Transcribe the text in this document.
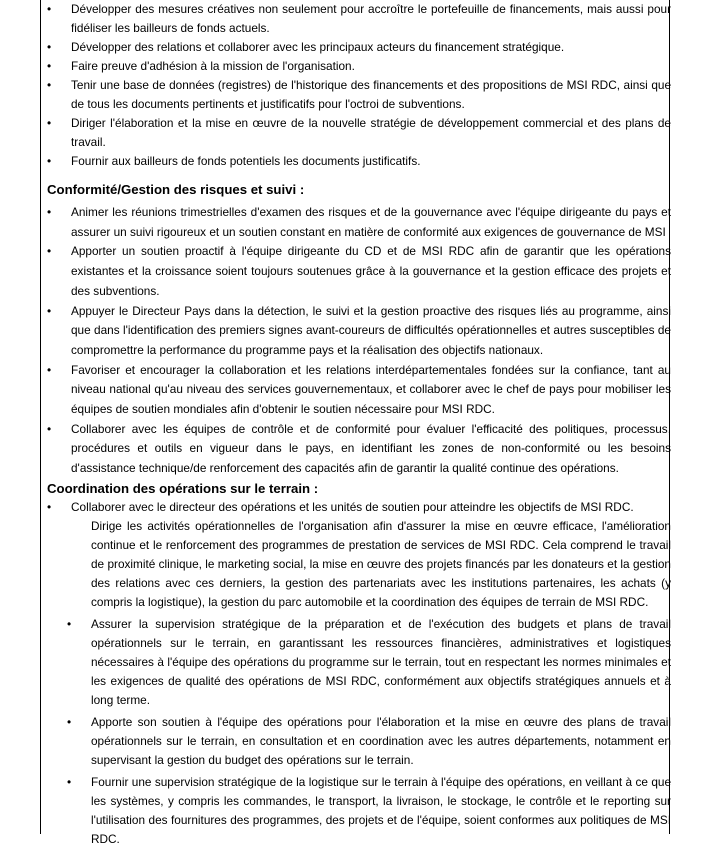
• Développer des mesures créatives non seulement pour accroître le portefeuille de financements, mais aussi pour fidéliser les bailleurs de fonds actuels.
• Développer des relations et collaborer avec les principaux acteurs du financement stratégique.
• Faire preuve d'adhésion à la mission de l'organisation.
• Tenir une base de données (registres) de l'historique des financements et des propositions de MSI RDC, ainsi que de tous les documents pertinents et justificatifs pour l'octroi de subventions.
• Diriger l'élaboration et la mise en œuvre de la nouvelle stratégie de développement commercial et des plans de travail.
• Fournir aux bailleurs de fonds potentiels les documents justificatifs.
Conformité/Gestion des risques et suivi :
• Animer les réunions trimestrielles d'examen des risques et de la gouvernance avec l'équipe dirigeante du pays et assurer un suivi rigoureux et un soutien constant en matière de conformité aux exigences de gouvernance de MSI
• Apporter un soutien proactif à l'équipe dirigeante du CD et de MSI RDC afin de garantir que les opérations existantes et la croissance soient toujours soutenues grâce à la gouvernance et la gestion efficace des projets et des subventions.
• Appuyer le Directeur Pays dans la détection, le suivi et la gestion proactive des risques liés au programme, ainsi que dans l'identification des premiers signes avant-coureurs de difficultés opérationnelles et autres susceptibles de compromettre la performance du programme pays et la réalisation des objectifs nationaux.
• Favoriser et encourager la collaboration et les relations interdépartementales fondées sur la confiance, tant au niveau national qu'au niveau des services gouvernementaux, et collaborer avec le chef de pays pour mobiliser les équipes de soutien mondiales afin d'obtenir le soutien nécessaire pour MSI RDC.
• Collaborer avec les équipes de contrôle et de conformité pour évaluer l'efficacité des politiques, processus, procédures et outils en vigueur dans le pays, en identifiant les zones de non-conformité ou les besoins d'assistance technique/de renforcement des capacités afin de garantir la qualité continue des opérations.
Coordination des opérations sur le terrain :
• Collaborer avec le directeur des opérations et les unités de soutien pour atteindre les objectifs de MSI RDC.

Dirige les activités opérationnelles de l'organisation afin d'assurer la mise en œuvre efficace, l'amélioration continue et le renforcement des programmes de prestation de services de MSI RDC. Cela comprend le travail de proximité clinique, le marketing social, la mise en œuvre des projets financés par les donateurs et la gestion des relations avec ces derniers, la gestion des partenariats avec les institutions partenaires, les achats (y compris la logistique), la gestion du parc automobile et la coordination des équipes de terrain de MSI RDC.

• Assurer la supervision stratégique de la préparation et de l'exécution des budgets et plans de travail opérationnels sur le terrain, en garantissant les ressources financières, administratives et logistiques nécessaires à l'équipe des opérations du programme sur le terrain, tout en respectant les normes minimales et les exigences de qualité des opérations de MSI RDC, conformément aux objectifs stratégiques annuels et à long terme.
• Apporte son soutien à l'équipe des opérations pour l'élaboration et la mise en œuvre des plans de travail opérationnels sur le terrain, en consultation et en coordination avec les autres départements, notamment en supervisant la gestion du budget des opérations sur le terrain.
• Fournir une supervision stratégique de la logistique sur le terrain à l'équipe des opérations, en veillant à ce que les systèmes, y compris les commandes, le transport, la livraison, le stockage, le contrôle et le reporting sur l'utilisation des fournitures des programmes, des projets et de l'équipe, soient conformes aux politiques de MSI RDC.
